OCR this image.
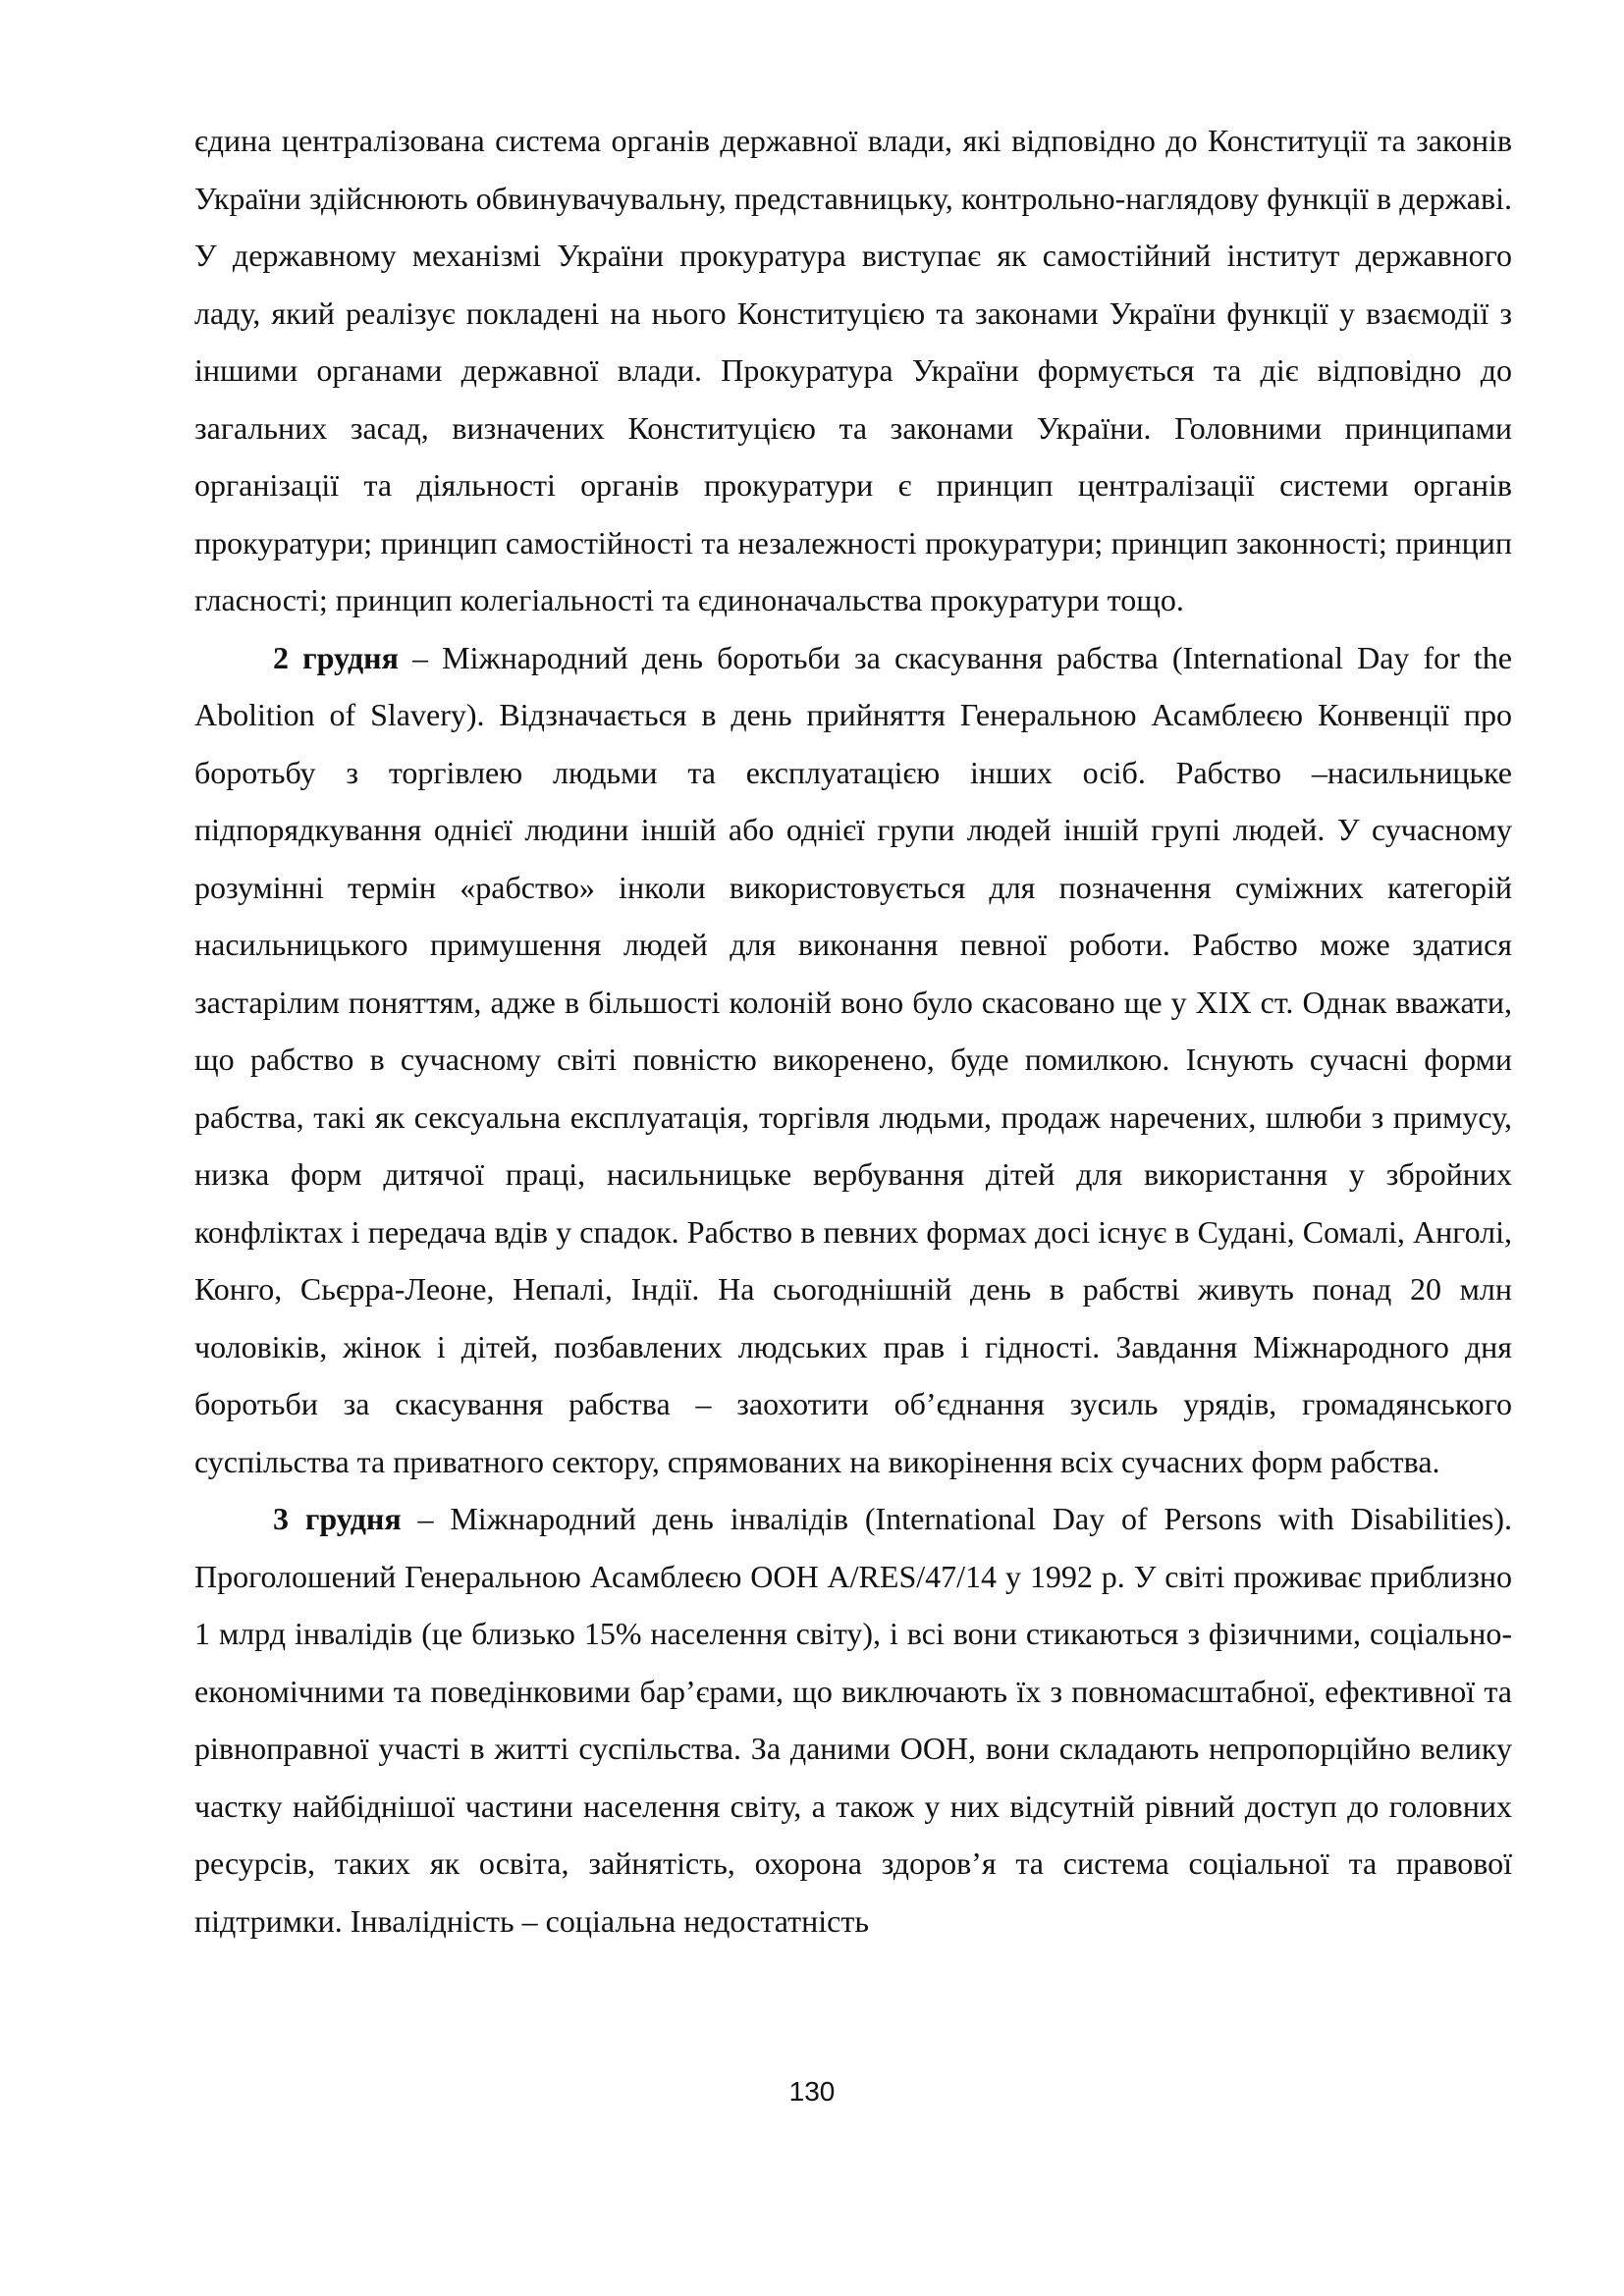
єдина централізована система органів державної влади, які відповідно до Конституції та законів України здійснюють обвинувачувальну, представницьку, контрольно-наглядову функції в державі. У державному механізмі України прокуратура виступає як самостійний інститут державного ладу, який реалізує покладені на нього Конституцією та законами України функції у взаємодії з іншими органами державної влади. Прокуратура України формується та діє відповідно до загальних засад, визначених Конституцією та законами України. Головними принципами організації та діяльності органів прокуратури є принцип централізації системи органів прокуратури; принцип самостійності та незалежності прокуратури; принцип законності; принцип гласності; принцип колегіальності та єдиноначальства прокуратури тощо.

2 грудня – Міжнародний день боротьби за скасування рабства (International Day for the Abolition of Slavery). Відзначається в день прийняття Генеральною Асамблеєю Конвенції про боротьбу з торгівлею людьми та експлуатацією інших осіб. Рабство –насильницьке підпорядкування однієї людини іншій або однієї групи людей іншій групі людей. У сучасному розумінні термін «рабство» інколи використовується для позначення суміжних категорій насильницького примушення людей для виконання певної роботи. Рабство може здатися застарілим поняттям, адже в більшості колоній воно було скасовано ще у XIX ст. Однак вважати, що рабство в сучасному світі повністю викоренено, буде помилкою. Існують сучасні форми рабства, такі як сексуальна експлуатація, торгівля людьми, продаж наречених, шлюби з примусу, низка форм дитячої праці, насильницьке вербування дітей для використання у збройних конфліктах і передача вдів у спадок. Рабство в певних формах досі існує в Судані, Сомалі, Анголі, Конго, Сьєрра-Леоне, Непалі, Індії. На сьогоднішній день в рабстві живуть понад 20 млн чоловіків, жінок і дітей, позбавлених людських прав і гідності. Завдання Міжнародного дня боротьби за скасування рабства – заохотити об’єднання зусиль урядів, громадянського суспільства та приватного сектору, спрямованих на викорінення всіх сучасних форм рабства.

3 грудня – Міжнародний день інвалідів (International Day of Persons with Disabilities). Проголошений Генеральною Асамблеєю ООН A/RES/47/14 у 1992 р. У світі проживає приблизно 1 млрд інвалідів (це близько 15% населення світу), і всі вони стикаються з фізичними, соціально-економічними та поведінковими бар’єрами, що виключають їх з повномасштабної, ефективної та рівноправної участі в житті суспільства. За даними ООН, вони складають непропорційно велику частку найбіднішої частини населення світу, а також у них відсутній рівний доступ до головних ресурсів, таких як освіта, зайнятість, охорона здоров’я та система соціальної та правової підтримки. Інвалідність – соціальна недостатність

130
